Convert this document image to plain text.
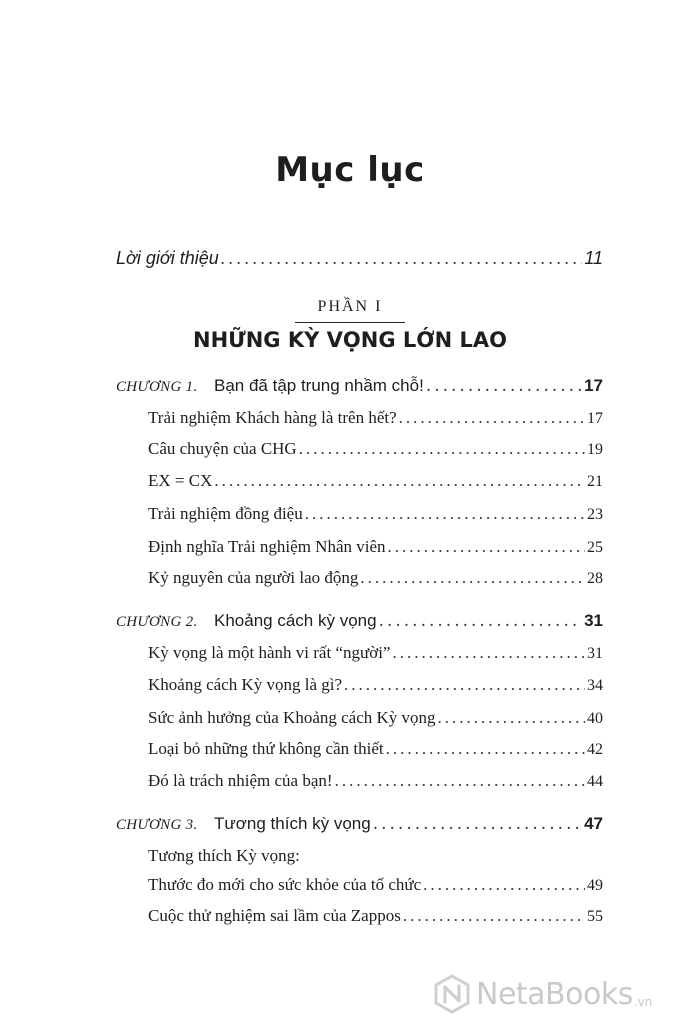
Mục lục
Lời giới thiệu .....	11
PHẦN I
NHỮNG KỲ VỌNG LỚN LAO
CHƯƠNG 1. Bạn đã tập trung nhầm chỗ! .....	17
Trải nghiệm Khách hàng là trên hết? .....	17
Câu chuyện của CHG .....	19
EX = CX .....	21
Trải nghiệm đồng điệu .....	23
Định nghĩa Trải nghiệm Nhân viên .....	25
Kỷ nguyên của người lao động .....	28
CHƯƠNG 2. Khoảng cách kỳ vọng .....	31
Kỳ vọng là một hành vi rất “người” .....	31
Khoảng cách Kỳ vọng là gì? .....	34
Sức ảnh hưởng của Khoảng cách Kỳ vọng .....	40
Loại bỏ những thứ không cần thiết .....	42
Đó là trách nhiệm của bạn! .....	44
CHƯƠNG 3. Tương thích kỳ vọng .....	47
Tương thích Kỳ vọng:
Thước đo mới cho sức khỏe của tổ chức .....	49
Cuộc thử nghiệm sai lầm của Zappos .....	55
NetaBooks .vn
